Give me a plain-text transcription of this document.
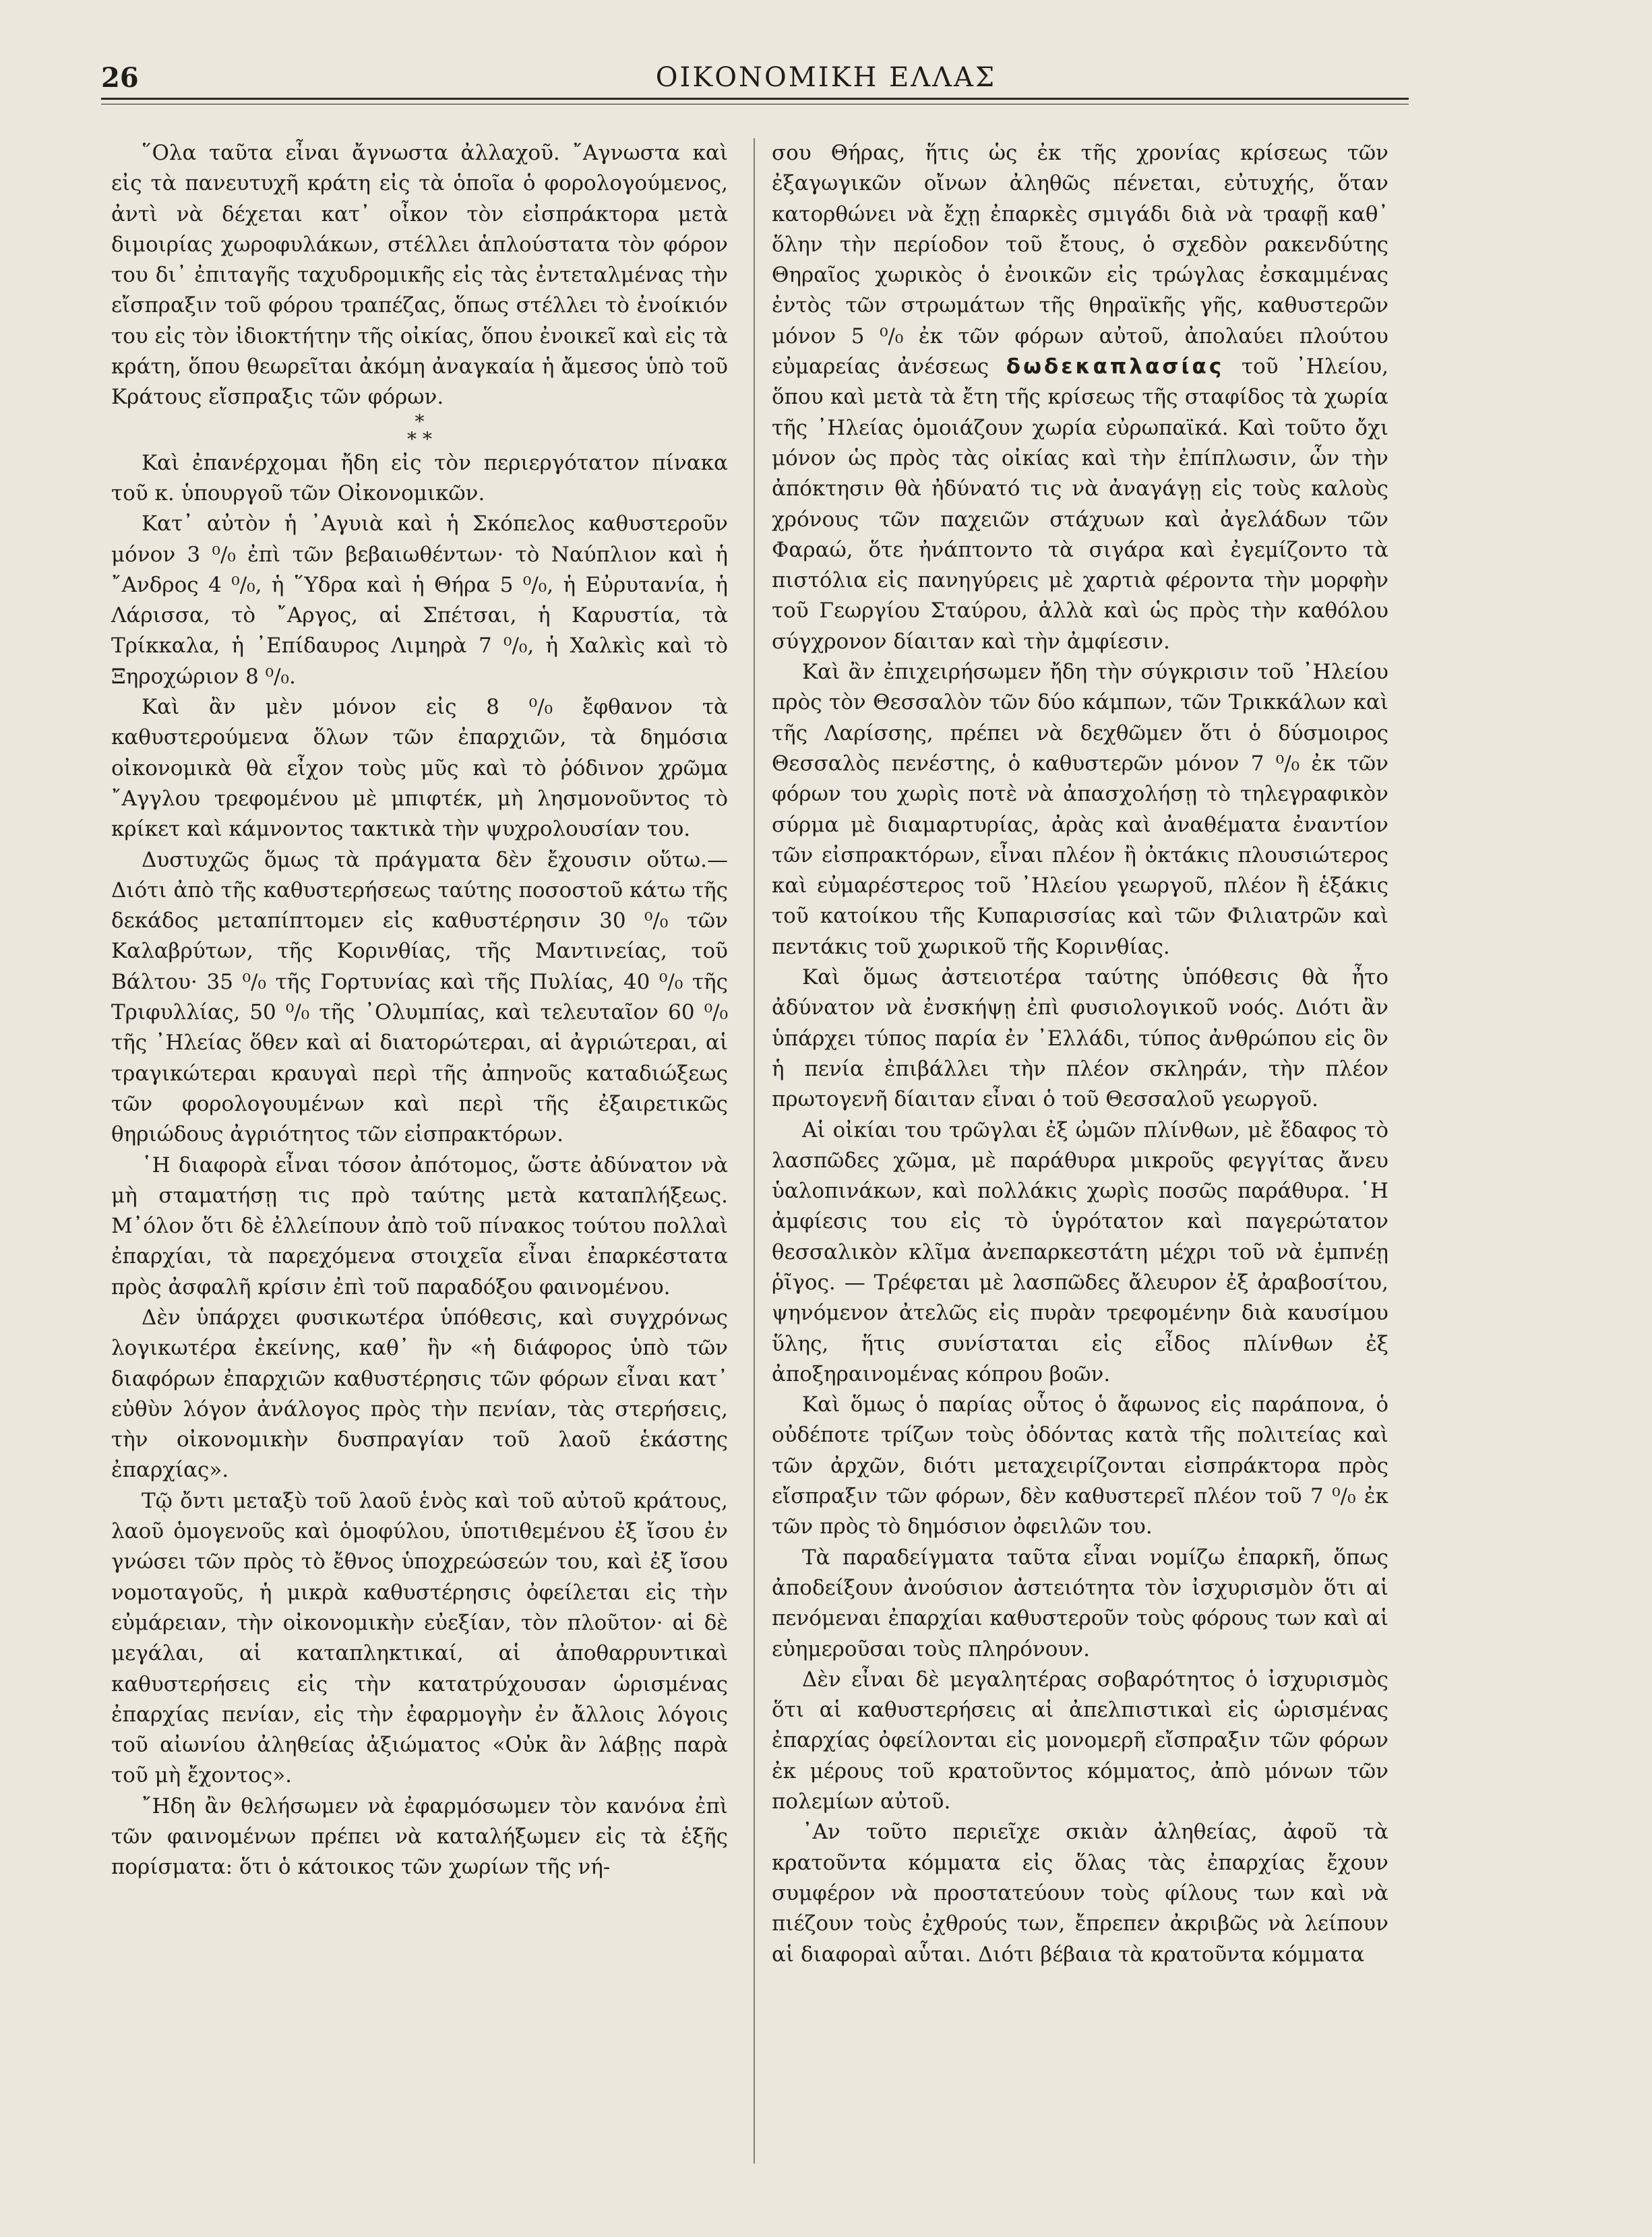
26	ΟΙΚΟΝΟΜΙΚΗ ΕΛΛΑΣ

῞Ολα ταῦτα εἶναι ἄγνωστα ἀλλαχοῦ. ῎Αγνωστα καὶ εἰς τὰ πανευτυχῆ κράτη εἰς τὰ ὁποῖα ὁ φορολογούμενος, ἀντὶ νὰ δέχεται κατ᾽ οἶκον τὸν εἰσπράκτορα μετὰ διμοιρίας χωροφυλάκων, στέλλει ἁπλούστατα τὸν φόρον του δι᾽ ἐπιταγῆς ταχυδρομικῆς εἰς τὰς ἐντεταλμένας τὴν εἴσπραξιν τοῦ φόρου τραπέζας, ὅπως στέλλει τὸ ἐνοίκιόν του εἰς τὸν ἰδιοκτήτην τῆς οἰκίας, ὅπου ἐνοικεῖ καὶ εἰς τὰ κράτη, ὅπου θεωρεῖται ἀκόμη ἀναγκαία ἡ ἄμεσος ὑπὸ τοῦ Κράτους εἴσπραξις τῶν φόρων.

*
* *

Καὶ ἐπανέρχομαι ἤδη εἰς τὸν περιεργότατον πίνακα τοῦ κ. ὑπουργοῦ τῶν Οἰκονομικῶν.

Κατ᾽ αὐτὸν ἡ ᾽Αγυιὰ καὶ ἡ Σκόπελος καθυστεροῦν μόνον 3 ⁰/₀ ἐπὶ τῶν βεβαιωθέντων· τὸ Ναύπλιον καὶ ἡ ῎Ανδρος 4 ⁰/₀, ἡ ῞Υδρα καὶ ἡ Θήρα 5 ⁰/₀, ἡ Εὐρυτανία, ἡ Λάρισσα, τὸ ῎Αργος, αἱ Σπέτσαι, ἡ Καρυστία, τὰ Τρίκκαλα, ἡ ᾽Επίδαυρος Λιμηρὰ 7 ⁰/₀, ἡ Χαλκὶς καὶ τὸ Ξηροχώριον 8 ⁰/₀.

Καὶ ἂν μὲν μόνον εἰς 8 ⁰/₀ ἔφθανον τὰ καθυστερούμενα ὅλων τῶν ἐπαρχιῶν, τὰ δημόσια οἰκονομικὰ θὰ εἶχον τοὺς μῦς καὶ τὸ ῥόδινον χρῶμα ῎Αγγλου τρεφομένου μὲ μπιφτέκ, μὴ λησμονοῦντος τὸ κρίκετ καὶ κάμνοντος τακτικὰ τὴν ψυχρολουσίαν του.

Δυστυχῶς ὅμως τὰ πράγματα δὲν ἔχουσιν οὕτω.— Διότι ἀπὸ τῆς καθυστερήσεως ταύτης ποσοστοῦ κάτω τῆς δεκάδος μεταπίπτομεν εἰς καθυστέρησιν 30 ⁰/₀ τῶν Καλαβρύτων, τῆς Κορινθίας, τῆς Μαντινείας, τοῦ Βάλτου· 35 ⁰/₀ τῆς Γορτυνίας καὶ τῆς Πυλίας, 40 ⁰/₀ τῆς Τριφυλλίας, 50 ⁰/₀ τῆς ᾽Ολυμπίας, καὶ τελευταῖον 60 ⁰/₀ τῆς ᾽Ηλείας ὅθεν καὶ αἱ διατορώτεραι, αἱ ἀγριώτεραι, αἱ τραγικώτεραι κραυγαὶ περὶ τῆς ἀπηνοῦς καταδιώξεως τῶν φορολογουμένων καὶ περὶ τῆς ἐξαιρετικῶς θηριώδους ἀγριότητος τῶν εἰσπρακτόρων.

῾Η διαφορὰ εἶναι τόσον ἀπότομος, ὥστε ἀδύνατον νὰ μὴ σταματήσῃ τις πρὸ ταύτης μετὰ καταπλήξεως. Μ᾽όλον ὅτι δὲ ἐλλείπουν ἀπὸ τοῦ πίνακος τούτου πολλαὶ ἐπαρχίαι, τὰ παρεχόμενα στοιχεῖα εἶναι ἐπαρκέστατα πρὸς ἀσφαλῆ κρίσιν ἐπὶ τοῦ παραδόξου φαινομένου.

Δὲν ὑπάρχει φυσικωτέρα ὑπόθεσις, καὶ συγχρόνως λογικωτέρα ἐκείνης, καθ᾽ ἣν «ἡ διάφορος ὑπὸ τῶν διαφόρων ἐπαρχιῶν καθυστέρησις τῶν φόρων εἶναι κατ᾽ εὐθὺν λόγον ἀνάλογος πρὸς τὴν πενίαν, τὰς στερήσεις, τὴν οἰκονομικὴν δυσπραγίαν τοῦ λαοῦ ἑκάστης ἐπαρχίας».

Τῷ ὄντι μεταξὺ τοῦ λαοῦ ἑνὸς καὶ τοῦ αὐτοῦ κράτους, λαοῦ ὁμογενοῦς καὶ ὁμοφύλου, ὑποτιθεμένου ἐξ ἴσου ἐν γνώσει τῶν πρὸς τὸ ἔθνος ὑποχρεώσεών του, καὶ ἐξ ἴσου νομοταγοῦς, ἡ μικρὰ καθυστέρησις ὀφείλεται εἰς τὴν εὐμάρειαν, τὴν οἰκονομικὴν εὐεξίαν, τὸν πλοῦτον· αἱ δὲ μεγάλαι, αἱ καταπληκτικαί, αἱ ἀποθαρρυντικαὶ καθυστερήσεις εἰς τὴν κατατρύχουσαν ὡρισμένας ἐπαρχίας πενίαν, εἰς τὴν ἐφαρμογὴν ἐν ἄλλοις λόγοις τοῦ αἰωνίου ἀληθείας ἀξιώματος «Οὐκ ἂν λάβῃς παρὰ τοῦ μὴ ἔχοντος».

῎Ηδη ἂν θελήσωμεν νὰ ἐφαρμόσωμεν τὸν κανόνα ἐπὶ τῶν φαινομένων πρέπει νὰ καταλήξωμεν εἰς τὰ ἑξῆς πορίσματα: ὅτι ὁ κάτοικος τῶν χωρίων τῆς νή-

σου Θήρας, ἥτις ὡς ἐκ τῆς χρονίας κρίσεως τῶν ἐξαγωγικῶν οἴνων ἀληθῶς πένεται, εὐτυχής, ὅταν κατορθώνει νὰ ἔχῃ ἐπαρκὲς σμιγάδι διὰ νὰ τραφῇ καθ᾽ ὅλην τὴν περίοδον τοῦ ἔτους, ὁ σχεδὸν ρακενδύτης Θηραῖος χωρικὸς ὁ ἐνοικῶν εἰς τρώγλας ἐσκαμμένας ἐντὸς τῶν στρωμάτων τῆς θηραϊκῆς γῆς, καθυστερῶν μόνον 5 ⁰/₀ ἐκ τῶν φόρων αὐτοῦ, ἀπολαύει πλούτου εὐμαρείας ἀνέσεως δωδεκαπλασίας τοῦ ᾽Ηλείου, ὅπου καὶ μετὰ τὰ ἔτη τῆς κρίσεως τῆς σταφίδος τὰ χωρία τῆς ᾽Ηλείας ὁμοιάζουν χωρία εὐρωπαϊκά. Καὶ τοῦτο ὄχι μόνον ὡς πρὸς τὰς οἰκίας καὶ τὴν ἐπίπλωσιν, ὧν τὴν ἀπόκτησιν θὰ ἠδύνατό τις νὰ ἀναγάγῃ εἰς τοὺς καλοὺς χρόνους τῶν παχειῶν στάχυων καὶ ἀγελάδων τῶν Φαραώ, ὅτε ἠνάπτοντο τὰ σιγάρα καὶ ἐγεμίζοντο τὰ πιστόλια εἰς πανηγύρεις μὲ χαρτιὰ φέροντα τὴν μορφὴν τοῦ Γεωργίου Σταύρου, ἀλλὰ καὶ ὡς πρὸς τὴν καθόλου σύγχρονον δίαιταν καὶ τὴν ἀμφίεσιν.

Καὶ ἂν ἐπιχειρήσωμεν ἤδη τὴν σύγκρισιν τοῦ ᾽Ηλείου πρὸς τὸν Θεσσαλὸν τῶν δύο κάμπων, τῶν Τρικκάλων καὶ τῆς Λαρίσσης, πρέπει νὰ δεχθῶμεν ὅτι ὁ δύσμοιρος Θεσσαλὸς πενέστης, ὁ καθυστερῶν μόνον 7 ⁰/₀ ἐκ τῶν φόρων του χωρὶς ποτὲ νὰ ἀπασχολήσῃ τὸ τηλεγραφικὸν σύρμα μὲ διαμαρτυρίας, ἀρὰς καὶ ἀναθέματα ἐναντίον τῶν εἰσπρακτόρων, εἶναι πλέον ἢ ὀκτάκις πλουσιώτερος καὶ εὐμαρέστερος τοῦ ᾽Ηλείου γεωργοῦ, πλέον ἢ ἑξάκις τοῦ κατοίκου τῆς Κυπαρισσίας καὶ τῶν Φιλιατρῶν καὶ πεντάκις τοῦ χωρικοῦ τῆς Κορινθίας.

Καὶ ὅμως ἀστειοτέρα ταύτης ὑπόθεσις θὰ ἦτο ἀδύνατον νὰ ἐνσκήψῃ ἐπὶ φυσιολογικοῦ νοός. Διότι ἂν ὑπάρχει τύπος παρία ἐν ᾽Ελλάδι, τύπος ἀνθρώπου εἰς ὃν ἡ πενία ἐπιβάλλει τὴν πλέον σκληράν, τὴν πλέον πρωτογενῆ δίαιταν εἶναι ὁ τοῦ Θεσσαλοῦ γεωργοῦ.

Αἱ οἰκίαι του τρῶγλαι ἐξ ὠμῶν πλίνθων, μὲ ἔδαφος τὸ λασπῶδες χῶμα, μὲ παράθυρα μικροῦς φεγγίτας ἄνευ ὑαλοπινάκων, καὶ πολλάκις χωρὶς ποσῶς παράθυρα. ῾Η ἀμφίεσις του εἰς τὸ ὑγρότατον καὶ παγερώτατον θεσσαλικὸν κλῖμα ἀνεπαρκεστάτη μέχρι τοῦ νὰ ἐμπνέῃ ῥῖγος. — Τρέφεται μὲ λασπῶδες ἄλευρον ἐξ ἀραβοσίτου, ψηνόμενον ἀτελῶς εἰς πυρὰν τρεφομένην διὰ καυσίμου ὕλης, ἥτις συνίσταται εἰς εἶδος πλίνθων ἐξ ἀποξηραινομένας κόπρου βοῶν.

Καὶ ὅμως ὁ παρίας οὗτος ὁ ἄφωνος εἰς παράπονα, ὁ οὐδέποτε τρίζων τοὺς ὀδόντας κατὰ τῆς πολιτείας καὶ τῶν ἀρχῶν, διότι μεταχειρίζονται εἰσπράκτορα πρὸς εἴσπραξιν τῶν φόρων, δὲν καθυστερεῖ πλέον τοῦ 7 ⁰/₀ ἐκ τῶν πρὸς τὸ δημόσιον ὀφειλῶν του.

Τὰ παραδείγματα ταῦτα εἶναι νομίζω ἐπαρκῆ, ὅπως ἀποδείξουν ἀνούσιον ἀστειότητα τὸν ἰσχυρισμὸν ὅτι αἱ πενόμεναι ἐπαρχίαι καθυστεροῦν τοὺς φόρους των καὶ αἱ εὐημεροῦσαι τοὺς πληρόνουν.

Δὲν εἶναι δὲ μεγαλητέρας σοβαρότητος ὁ ἰσχυρισμὸς ὅτι αἱ καθυστερήσεις αἱ ἀπελπιστικαὶ εἰς ὡρισμένας ἐπαρχίας ὀφείλονται εἰς μονομερῆ εἴσπραξιν τῶν φόρων ἐκ μέρους τοῦ κρατοῦντος κόμματος, ἀπὸ μόνων τῶν πολεμίων αὐτοῦ.

᾽Αν τοῦτο περιεῖχε σκιὰν ἀληθείας, ἀφοῦ τὰ κρατοῦντα κόμματα εἰς ὅλας τὰς ἐπαρχίας ἔχουν συμφέρον νὰ προστατεύουν τοὺς φίλους των καὶ νὰ πιέζουν τοὺς ἐχθρούς των, ἔπρεπεν ἀκριβῶς νὰ λείπουν αἱ διαφοραὶ αὗται. Διότι βέβαια τὰ κρατοῦντα κόμματα
